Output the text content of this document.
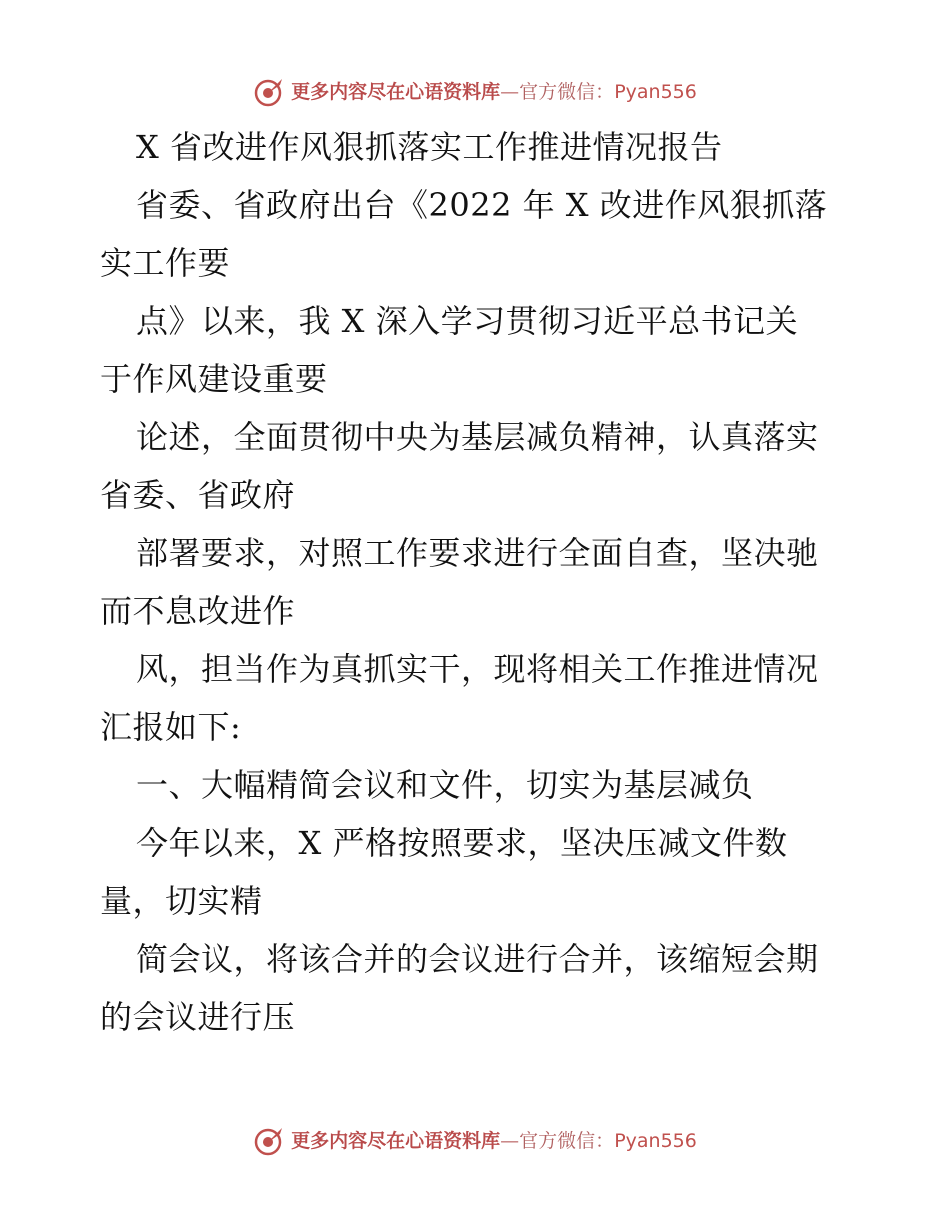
更多内容尽在心语资料库—官方微信：Pyan556
X 省改进作风狠抓落实工作推进情况报告
省委、省政府出台《2022 年 X 改进作风狠抓落
实工作要
点》以来，我 X 深入学习贯彻习近平总书记关
于作风建设重要
论述，全面贯彻中央为基层减负精神，认真落实
省委、省政府
部署要求，对照工作要求进行全面自查，坚决驰
而不息改进作
风，担当作为真抓实干，现将相关工作推进情况
汇报如下:
一、大幅精简会议和文件，切实为基层减负
今年以来，X 严格按照要求，坚决压减文件数
量，切实精
简会议，将该合并的会议进行合并，该缩短会期
的会议进行压
更多内容尽在心语资料库—官方微信：Pyan556
